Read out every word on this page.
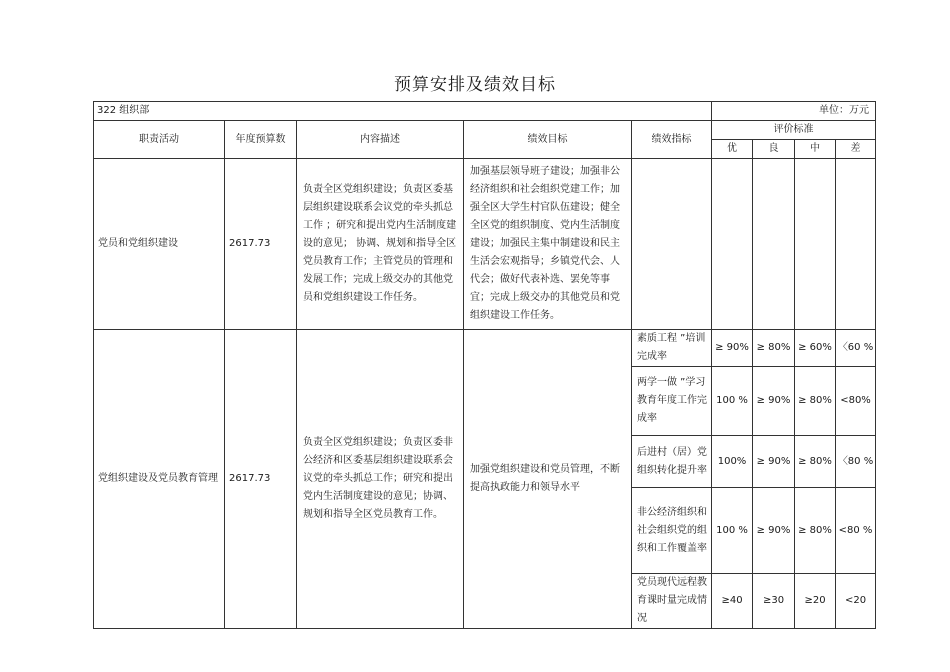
预算安排及绩效目标
322 组织部					单位：万元			
职责活动	年度预算数	内容描述	绩效目标	绩效指标	评价标准			
					优	良	中	差
党员和党组织建设	2617.73	负责全区党组织建设；负责区委基层组织建设联系会议党的牵头抓总工作 ；研究和提出党内生活制度建设的意见； 协调、规划和指导全区党员教育工作；主管党员的管理和发展工作；完成上级交办的其他党员和党组织建设工作任务。	加强基层领导班子建设；加强非公经济组织和社会组织党建工作；加强全区大学生村官队伍建设；健全全区党的组织制度、党内生活制度建设；加强民主集中制建设和民主生活会宏观指导；乡镇党代会、人代会；做好代表补选、罢免等事宜；完成上级交办的其他党员和党组织建设工作任务。					
党组织建设及党员教育管理	2617.73	负责全区党组织建设；负责区委非公经济和区委基层组织建设联系会议党的牵头抓总工作；研究和提出党内生活制度建设的意见；协调、规划和指导全区党员教育工作。	加强党组织建设和党员管理，不断提高执政能力和领导水平	素质工程 ”培训完成率	≥ 90%	≥ 80%	≥ 60%	〈60 %
				两学一做 ”学习教育年度工作完成率	100 %	≥ 90%	≥ 80%	<80%
				后进村（居）党组织转化提升率	100%	≥ 90%	≥ 80%	〈80 %
				非公经济组织和社会组织党的组织和工作覆盖率	100 %	≥ 90%	≥ 80%	<80 %
				党员现代远程教育课时量完成情况	≥40	≥30	≥20	<20
